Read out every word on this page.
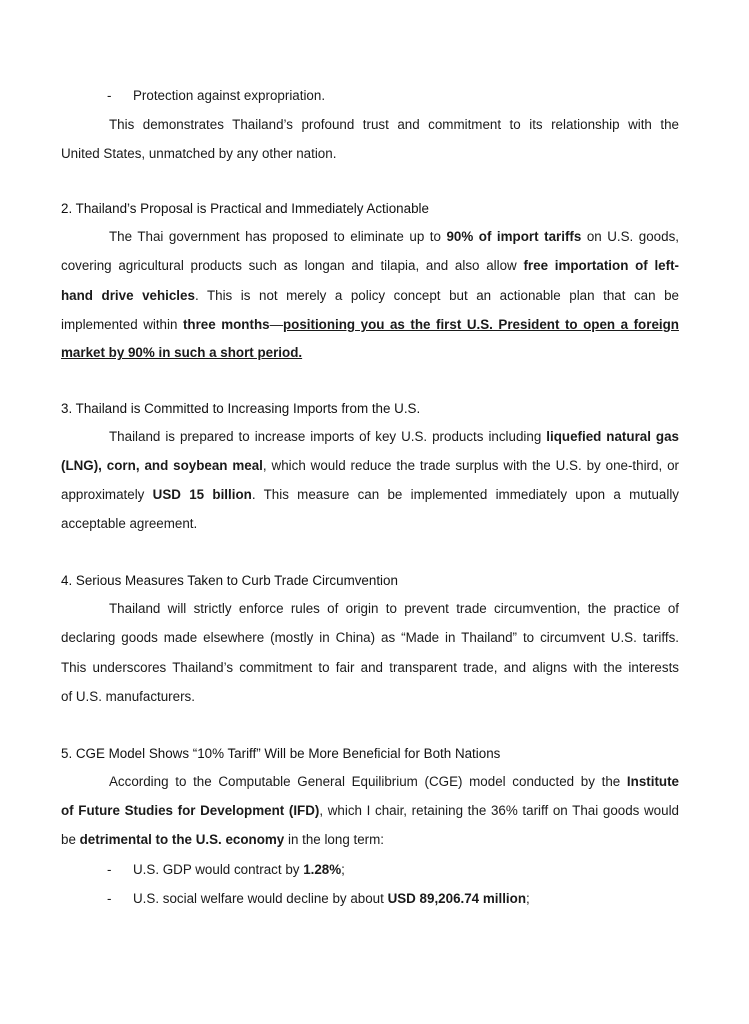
- Protection against expropriation.
This demonstrates Thailand’s profound trust and commitment to its relationship with the
United States, unmatched by any other nation.
2. Thailand’s Proposal is Practical and Immediately Actionable
The Thai government has proposed to eliminate up to 90% of import tariffs on U.S. goods,
covering agricultural products such as longan and tilapia, and also allow free importation of left-
hand drive vehicles. This is not merely a policy concept but an actionable plan that can be
implemented within three months—positioning you as the first U.S. President to open a foreign
market by 90% in such a short period.
3. Thailand is Committed to Increasing Imports from the U.S.
Thailand is prepared to increase imports of key U.S. products including liquefied natural gas
(LNG), corn, and soybean meal, which would reduce the trade surplus with the U.S. by one-third, or
approximately USD 15 billion. This measure can be implemented immediately upon a mutually
acceptable agreement.
4. Serious Measures Taken to Curb Trade Circumvention
Thailand will strictly enforce rules of origin to prevent trade circumvention, the practice of
declaring goods made elsewhere (mostly in China) as “Made in Thailand” to circumvent U.S. tariffs.
This underscores Thailand’s commitment to fair and transparent trade, and aligns with the interests
of U.S. manufacturers.
5. CGE Model Shows “10% Tariff” Will be More Beneficial for Both Nations
According to the Computable General Equilibrium (CGE) model conducted by the Institute
of Future Studies for Development (IFD), which I chair, retaining the 36% tariff on Thai goods would
be detrimental to the U.S. economy in the long term:
- U.S. GDP would contract by 1.28%;
- U.S. social welfare would decline by about USD 89,206.74 million;
